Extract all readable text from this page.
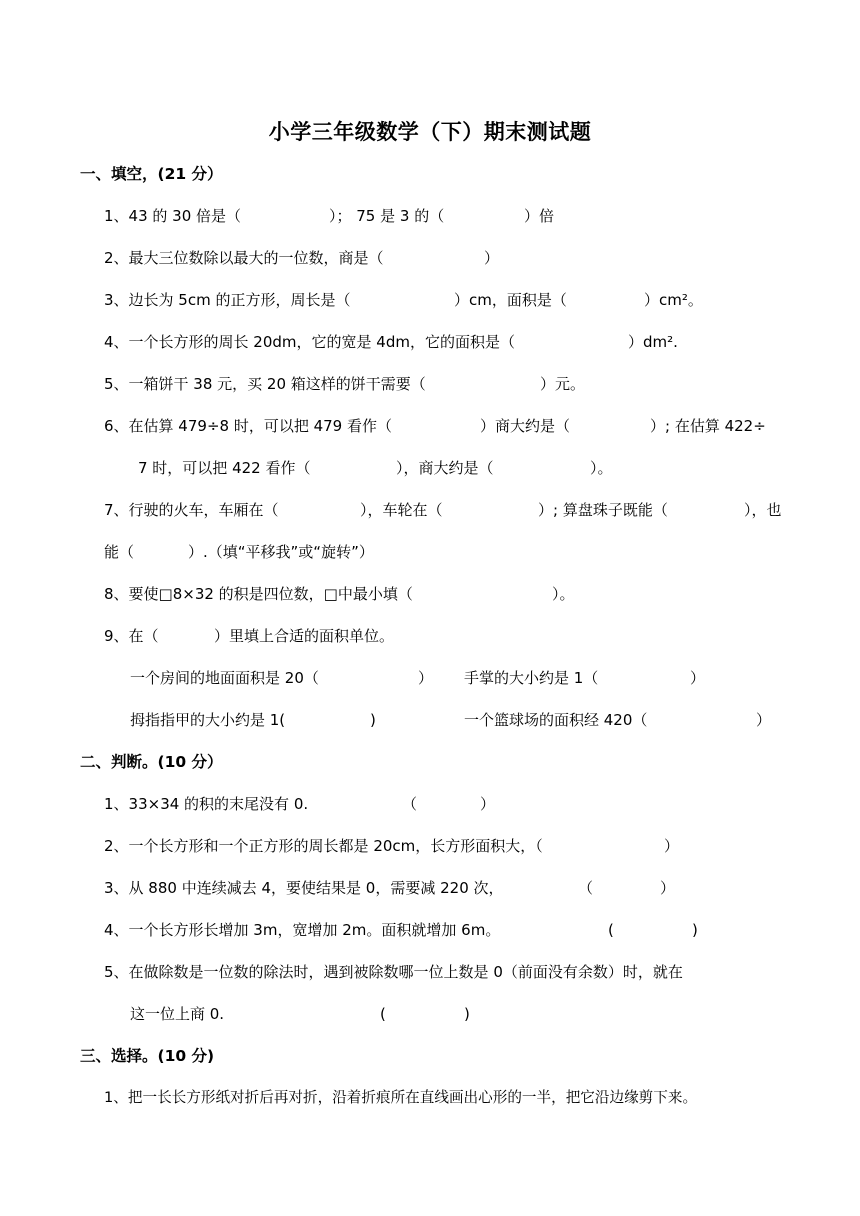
小学三年级数学（下）期末测试题
一、填空，(21 分）
1、43 的 30 倍是（	）； 75 是 3 的（	）倍
2、最大三位数除以最大的一位数，商是（	）
3、边长为 5cm 的正方形，周长是（	）cm，面积是（	）cm²。
4、一个长方形的周长 20dm，它的宽是 4dm，它的面积是（	）dm².
5、一箱饼干 38 元，买 20 箱这样的饼干需要（	）元。
6、在估算 479÷8 时，可以把 479 看作（	）商大约是（	）; 在估算 422÷
7 时，可以把 422 看作（	），商大约是（	）。
7、行驶的火车，车厢在（	），车轮在（	）; 算盘珠子既能（	），也
能（	）.（填“平移我”或“旋转”）
8、要使□8×32 的积是四位数，□中最小填（	）。
9、在（	）里填上合适的面积单位。
一个房间的地面面积是 20（	） 手掌的大小约是 1（	）
拇指指甲的大小约是 1(	)	一个篮球场的面积经 420（	）
二、判断。(10 分）
1、33×34 的积的末尾没有 0.	（	）
2、一个长方形和一个正方形的周长都是 20cm，长方形面积大，（	）
3、从 880 中连续减去 4，要使结果是 0，需要减 220 次，	（	）
4、一个长方形长增加 3m，宽增加 2m。面积就增加 6m。	(	)
5、在做除数是一位数的除法时，遇到被除数哪一位上数是 0（前面没有余数）时，就在
这一位上商 0.	(	)
三、选择。(10 分)
1、把一长长方形纸对折后再对折，沿着折痕所在直线画出心形的一半，把它沿边缘剪下来。
